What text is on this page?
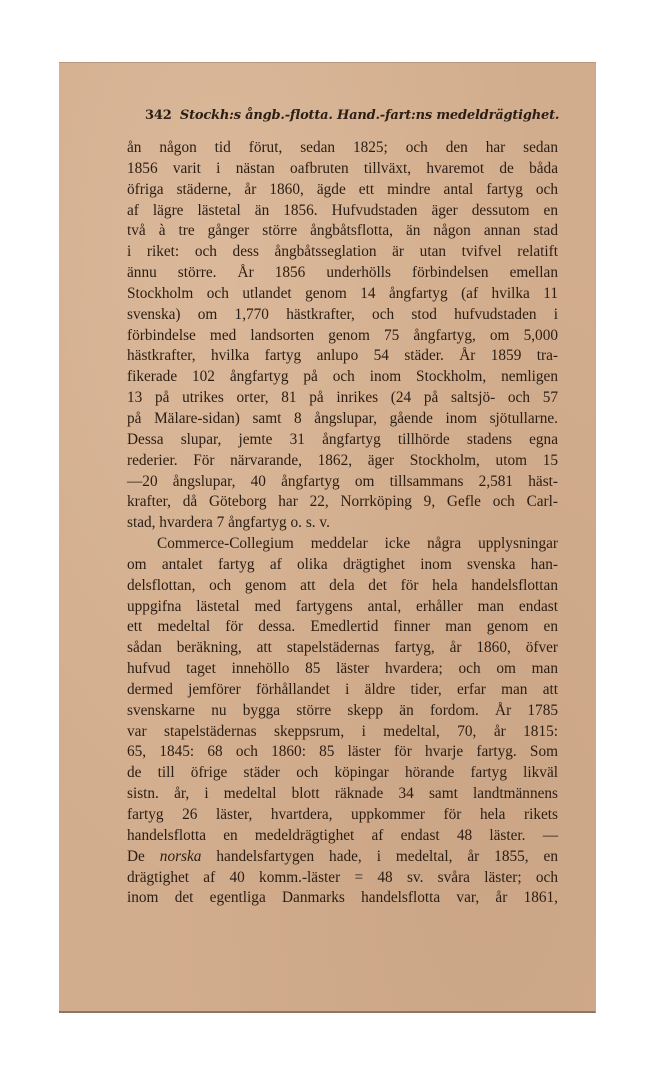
342 Stockh:s ångb.-flotta. Hand.-fart:ns medeldrägtighet.
ån någon tid förut, sedan 1825; och den har sedan
1856 varit i nästan oafbruten tillväxt, hvaremot de båda
öfriga städerne, år 1860, ägde ett mindre antal fartyg och
af lägre lästetal än 1856. Hufvudstaden äger dessutom en
två à tre gånger större ångbåtsflotta, än någon annan stad
i riket: och dess ångbåtsseglation är utan tvifvel relatift
ännu större. År 1856 underhölls förbindelsen emellan
Stockholm och utlandet genom 14 ångfartyg (af hvilka 11
svenska) om 1,770 hästkrafter, och stod hufvudstaden i
förbindelse med landsorten genom 75 ångfartyg, om 5,000
hästkrafter, hvilka fartyg anlupo 54 städer. År 1859 tra-
fikerade 102 ångfartyg på och inom Stockholm, nemligen
13 på utrikes orter, 81 på inrikes (24 på saltsjö- och 57
på Mälare-sidan) samt 8 ångslupar, gående inom sjötullarne.
Dessa slupar, jemte 31 ångfartyg tillhörde stadens egna
rederier. För närvarande, 1862, äger Stockholm, utom 15
—20 ångslupar, 40 ångfartyg om tillsammans 2,581 häst-
krafter, då Göteborg har 22, Norrköping 9, Gefle och Carl-
stad, hvardera 7 ångfartyg o. s. v.
Commerce-Collegium meddelar icke några upplysningar
om antalet fartyg af olika drägtighet inom svenska han-
delsflottan, och genom att dela det för hela handelsflottan
uppgifna lästetal med fartygens antal, erhåller man endast
ett medeltal för dessa. Emedlertid finner man genom en
sådan beräkning, att stapelstädernas fartyg, år 1860, öfver
hufvud taget innehöllo 85 läster hvardera; och om man
dermed jemförer förhållandet i äldre tider, erfar man att
svenskarne nu bygga större skepp än fordom. År 1785
var stapelstädernas skeppsrum, i medeltal, 70, år 1815:
65, 1845: 68 och 1860: 85 läster för hvarje fartyg. Som
de till öfrige städer och köpingar hörande fartyg likväl
sistn. år, i medeltal blott räknade 34 samt landtmännens
fartyg 26 läster, hvartdera, uppkommer för hela rikets
handelsflotta en medeldrägtighet af endast 48 läster. —
De norska handelsfartygen hade, i medeltal, år 1855, en
drägtighet af 40 komm.-läster = 48 sv. svåra läster; och
inom det egentliga Danmarks handelsflotta var, år 1861,
